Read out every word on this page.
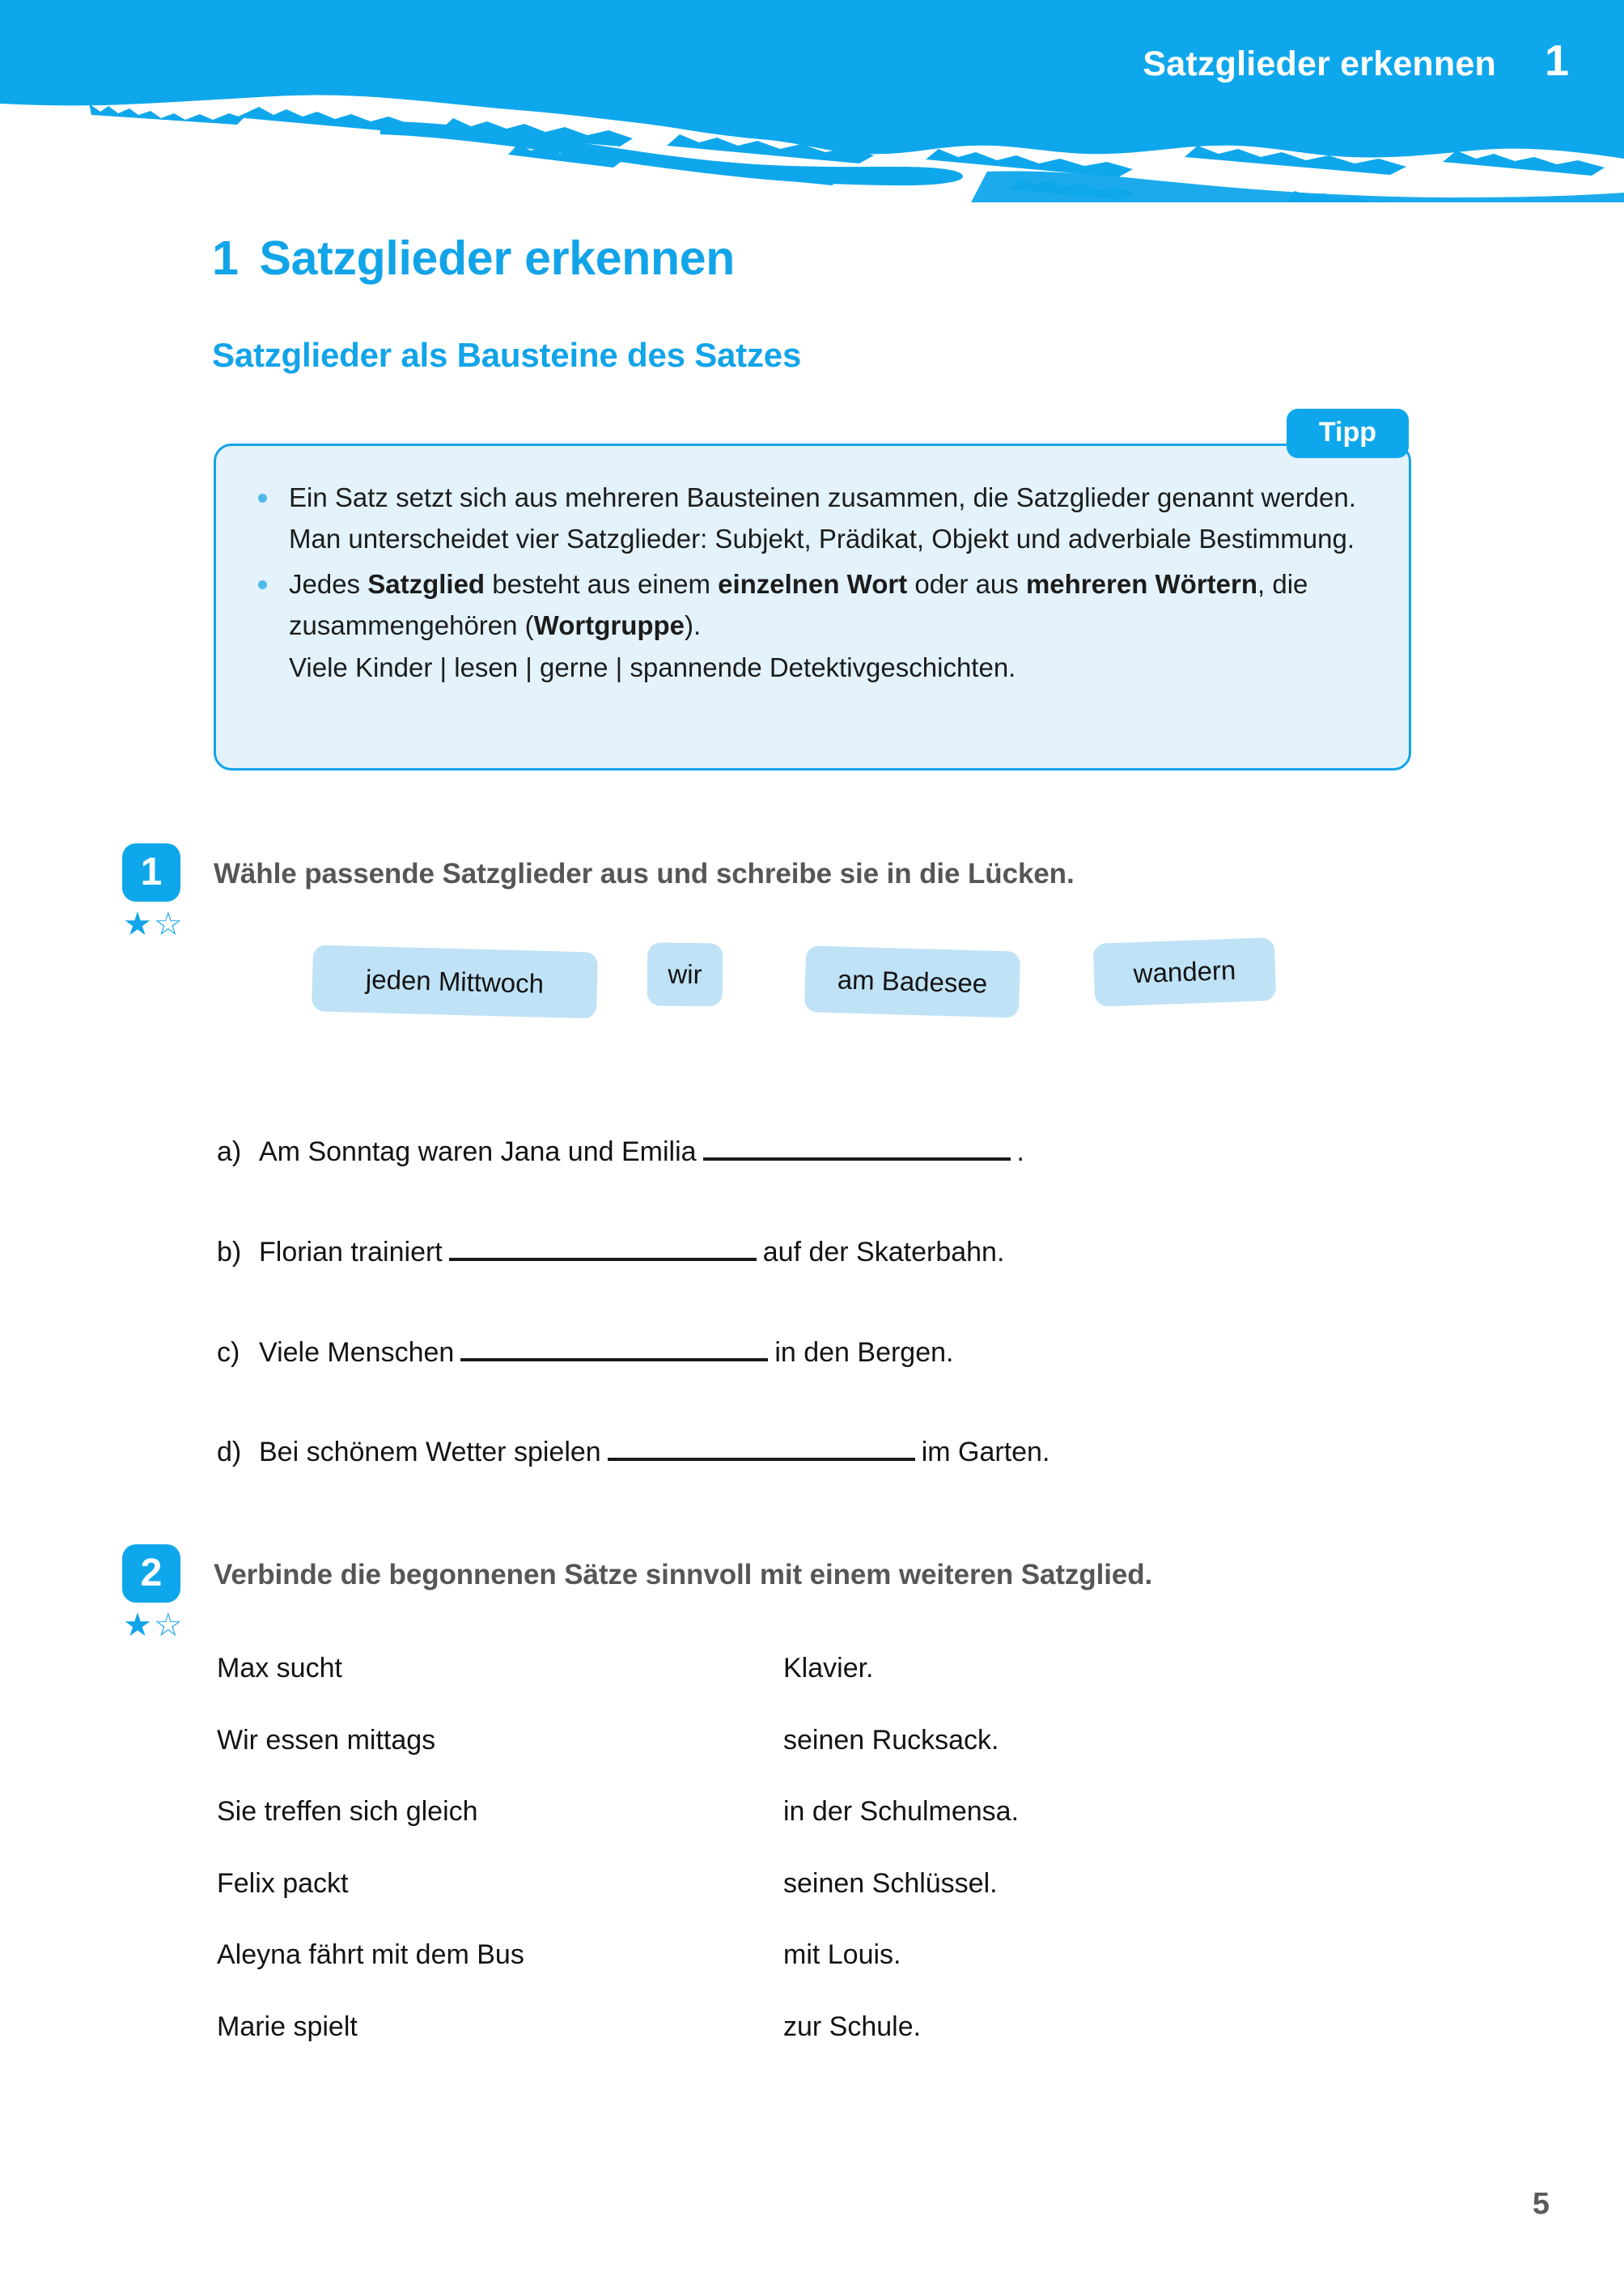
Satzglieder erkennen 1
1 Satzglieder erkennen
Satzglieder als Bausteine des Satzes
Tipp
Ein Satz setzt sich aus mehreren Bausteinen zusammen, die Satzglieder genannt werden. Man unterscheidet vier Satzglieder: Subjekt, Prädikat, Objekt und adverbiale Bestimmung.
Jedes Satzglied besteht aus einem einzelnen Wort oder aus mehreren Wörtern, die zusammengehören (Wortgruppe).
Viele Kinder | lesen | gerne | spannende Detektivgeschichten.
1
★ ☆
Wähle passende Satzglieder aus und schreibe sie in die Lücken.
jeden Mittwoch	wir	am Badesee	wandern
a) Am Sonntag waren Jana und Emilia	.
b) Florian trainiert	auf der Skaterbahn.
c) Viele Menschen	in den Bergen.
d) Bei schönem Wetter spielen	im Garten.
2
★ ☆
Verbinde die begonnenen Sätze sinnvoll mit einem weiteren Satzglied.
Max sucht	Klavier.
Wir essen mittags	seinen Rucksack.
Sie treffen sich gleich	in der Schulmensa.
Felix packt	seinen Schlüssel.
Aleyna fährt mit dem Bus	mit Louis.
Marie spielt	zur Schule.
5
